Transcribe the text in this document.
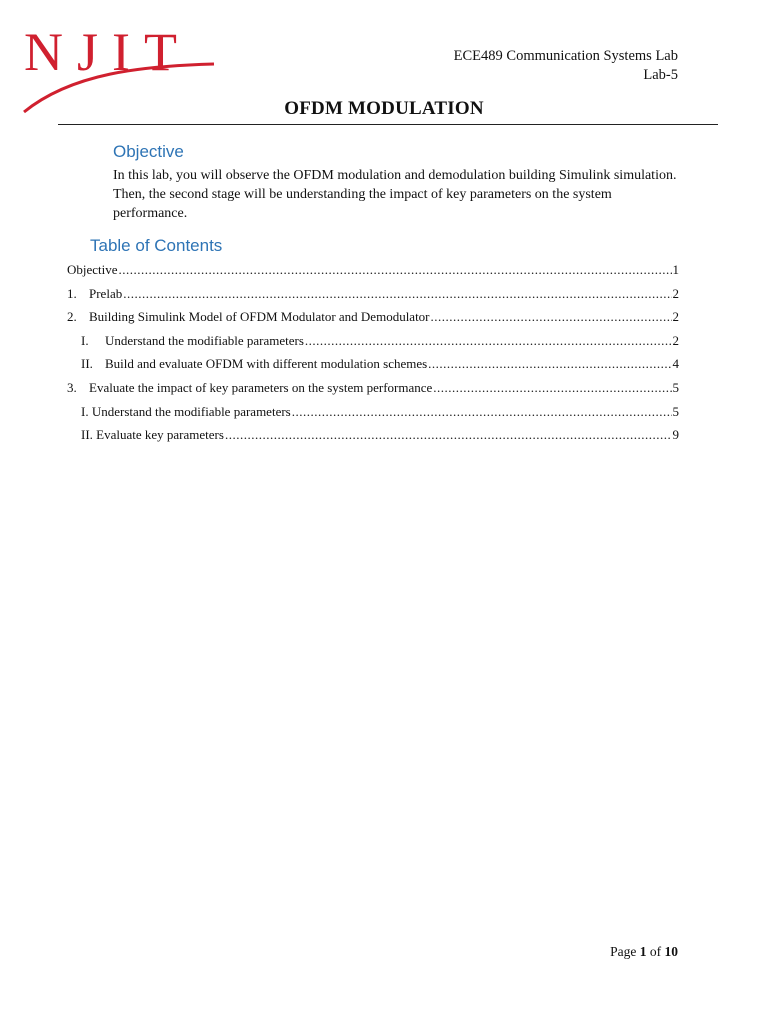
NJIT	ECE489 Communication Systems Lab
Lab-5
OFDM MODULATION
Objective
In this lab, you will observe the OFDM modulation and demodulation building Simulink simulation. Then, the second stage will be understanding the impact of key parameters on the system performance.
Table of Contents
Objective .....	1
1. Prelab .....	2
2. Building Simulink Model of OFDM Modulator and Demodulator .....	2
I.	Understand the modifiable parameters .....	2
II. Build and evaluate OFDM with different modulation schemes .....	4
3. Evaluate the impact of key parameters on the system performance .....	5
I. Understand the modifiable parameters .....	5
II. Evaluate key parameters .....	9
Page 1 of 10
